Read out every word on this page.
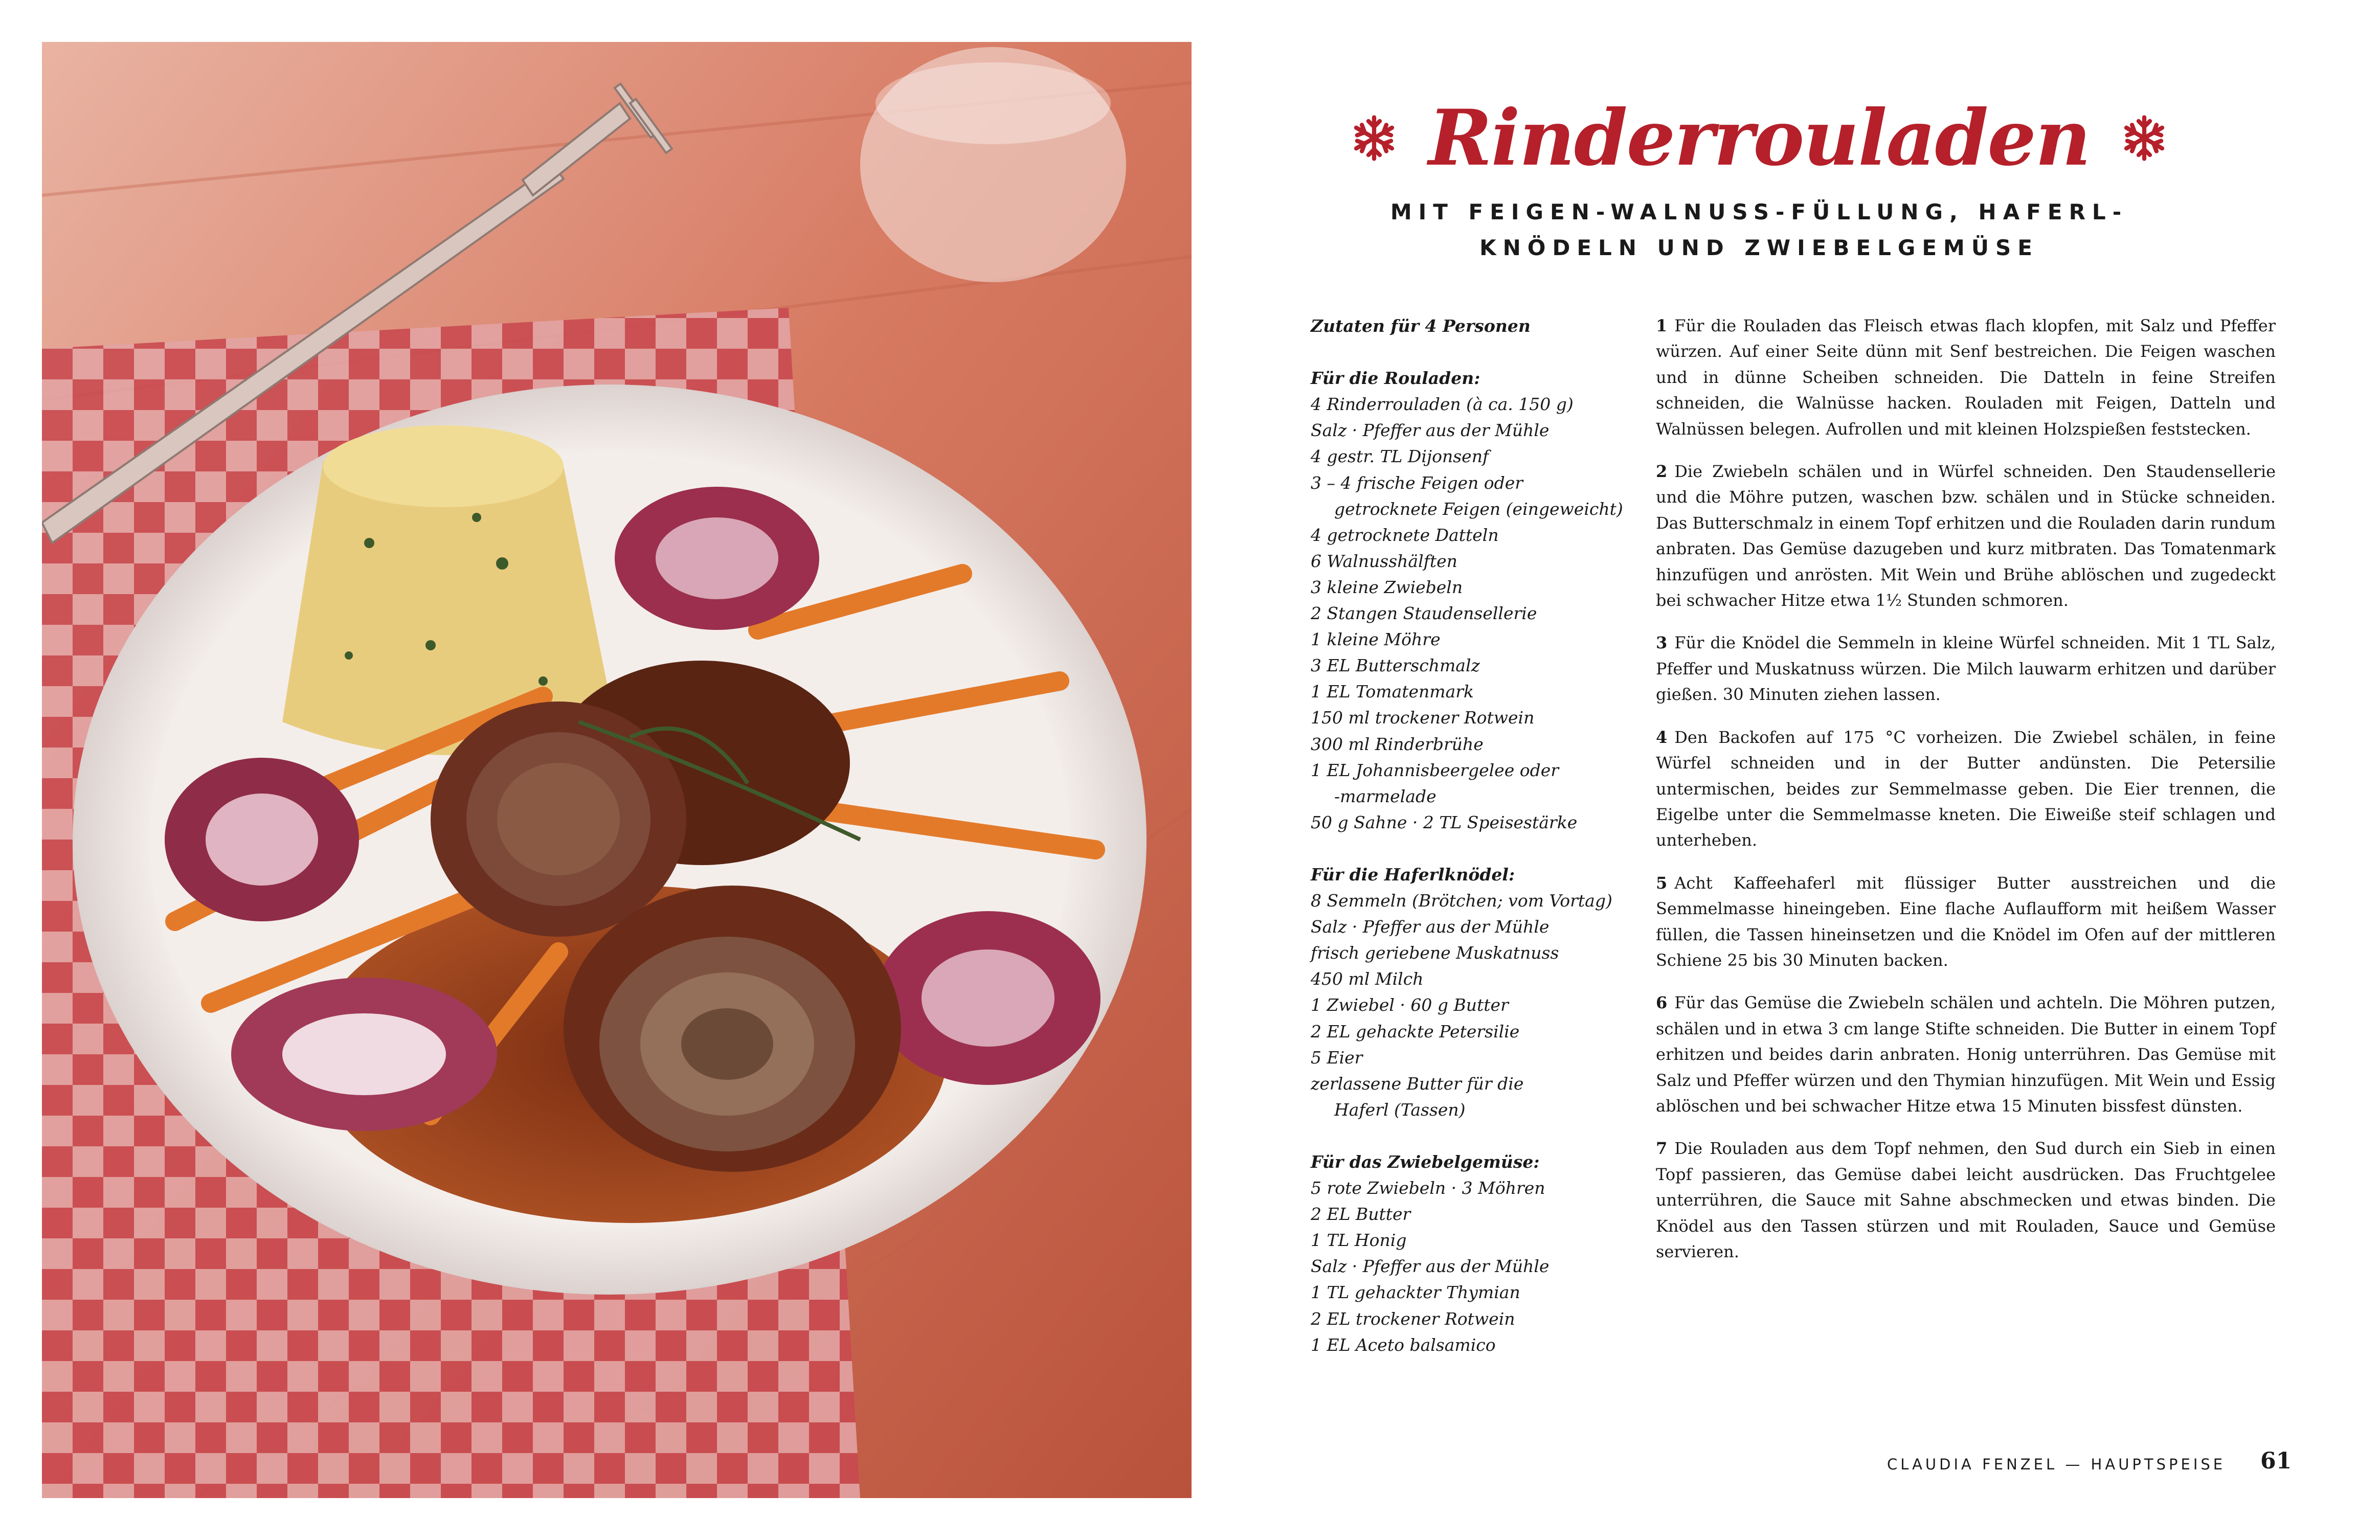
Rinderrouladen
MIT FEIGEN-WALNUSS-FÜLLUNG, HAFERL-
KNÖDELN UND ZWIEBELGEMÜSE
Zutaten für 4 Personen
Für die Rouladen:
4 Rinderrouladen (à ca. 150 g)
Salz · Pfeffer aus der Mühle
4 gestr. TL Dijonsenf
3 – 4 frische Feigen oder
getrocknete Feigen (eingeweicht)
4 getrocknete Datteln
6 Walnusshälften
3 kleine Zwiebeln
2 Stangen Staudensellerie
1 kleine Möhre
3 EL Butterschmalz
1 EL Tomatenmark
150 ml trockener Rotwein
300 ml Rinderbrühe
1 EL Johannisbeergelee oder
-marmelade
50 g Sahne · 2 TL Speisestärke
Für die Haferlknödel:
8 Semmeln (Brötchen; vom Vortag)
Salz · Pfeffer aus der Mühle
frisch geriebene Muskatnuss
450 ml Milch
1 Zwiebel · 60 g Butter
2 EL gehackte Petersilie
5 Eier
zerlassene Butter für die
Haferl (Tassen)
Für das Zwiebelgemüse:
5 rote Zwiebeln · 3 Möhren
2 EL Butter
1 TL Honig
Salz · Pfeffer aus der Mühle
1 TL gehackter Thymian
2 EL trockener Rotwein
1 EL Aceto balsamico
1 Für die Rouladen das Fleisch etwas flach klopfen, mit Salz und Pfeffer würzen. Auf einer Seite dünn mit Senf bestreichen. Die Feigen waschen und in dünne Scheiben schneiden. Die Datteln in feine Streifen schneiden, die Walnüsse hacken. Rouladen mit Feigen, Datteln und Walnüssen belegen. Aufrollen und mit kleinen Holzspießen feststecken.
2 Die Zwiebeln schälen und in Würfel schneiden. Den Staudensellerie und die Möhre putzen, waschen bzw. schälen und in Stücke schneiden. Das Butterschmalz in einem Topf erhitzen und die Rouladen darin rundum anbraten. Das Gemüse dazugeben und kurz mitbraten. Das Tomatenmark hinzufügen und anrösten. Mit Wein und Brühe ablöschen und zugedeckt bei schwacher Hitze etwa 1½ Stunden schmoren.
3 Für die Knödel die Semmeln in kleine Würfel schneiden. Mit 1 TL Salz, Pfeffer und Muskatnuss würzen. Die Milch lauwarm erhitzen und darüber gießen. 30 Minuten ziehen lassen.
4 Den Backofen auf 175 °C vorheizen. Die Zwiebel schälen, in feine Würfel schneiden und in der Butter andünsten. Die Petersilie untermischen, beides zur Semmelmasse geben. Die Eier trennen, die Eigelbe unter die Semmelmasse kneten. Die Eiweiße steif schlagen und unterheben.
5 Acht Kaffeehaferl mit flüssiger Butter ausstreichen und die Semmelmasse hineingeben. Eine flache Auflaufform mit heißem Wasser füllen, die Tassen hineinsetzen und die Knödel im Ofen auf der mittleren Schiene 25 bis 30 Minuten backen.
6 Für das Gemüse die Zwiebeln schälen und achteln. Die Möhren putzen, schälen und in etwa 3 cm lange Stifte schneiden. Die Butter in einem Topf erhitzen und beides darin anbraten. Honig unterrühren. Das Gemüse mit Salz und Pfeffer würzen und den Thymian hinzufügen. Mit Wein und Essig ablöschen und bei schwacher Hitze etwa 15 Minuten bissfest dünsten.
7 Die Rouladen aus dem Topf nehmen, den Sud durch ein Sieb in einen Topf passieren, das Gemüse dabei leicht ausdrücken. Das Fruchtgelee unterrühren, die Sauce mit Sahne abschmecken und etwas binden. Die Knödel aus den Tassen stürzen und mit Rouladen, Sauce und Gemüse servieren.
CLAUDIA FENZEL — HAUPTSPEISE 61
